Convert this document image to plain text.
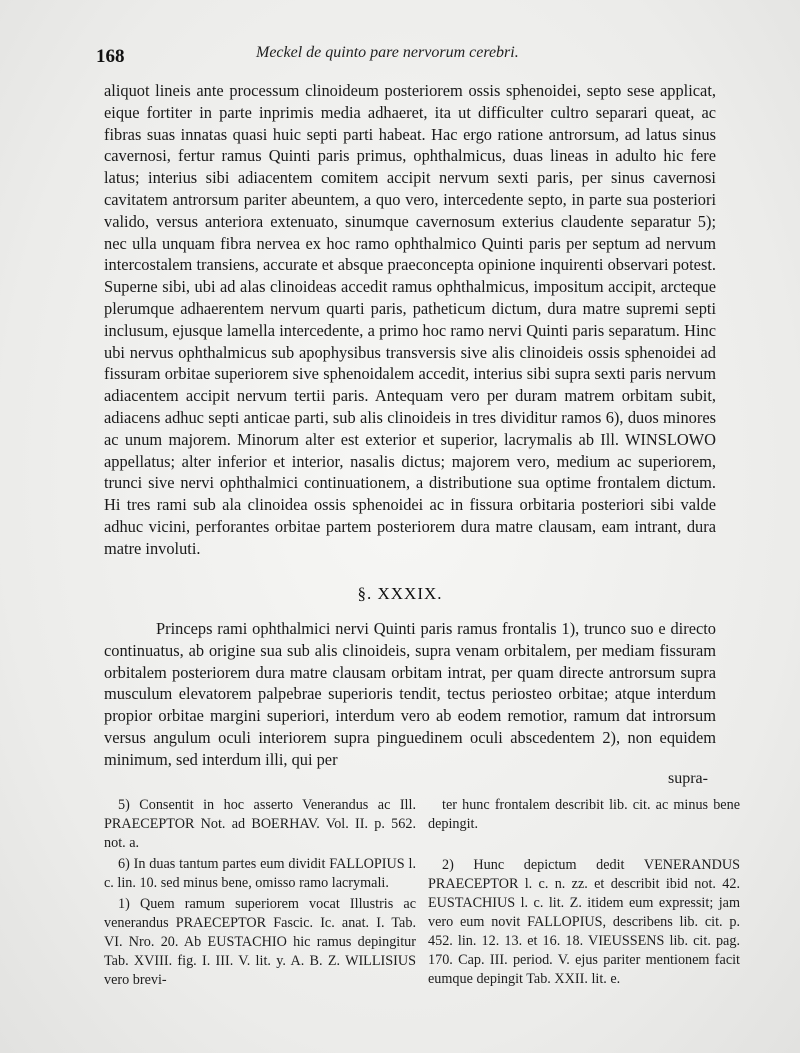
168	Meckel de quinto pare nervorum cerebri.
aliquot lineis ante processum clinoideum posteriorem ossis sphenoidei, septo sese applicat, eique fortiter in parte inprimis media adhaeret, ita ut difficulter cultro separari queat, ac fibras suas innatas quasi huic septi parti habeat. Hac ergo ratione antrorsum, ad latus sinus cavernosi, fertur ramus Quinti paris primus, ophthalmicus, duas lineas in adulto hic fere latus; interius sibi adiacentem comitem accipit nervum sexti paris, per sinus cavernosi cavitatem antrorsum pariter abeuntem, a quo vero, intercedente septo, in parte sua posteriori valido, versus anteriora extenuato, sinumque cavernosum exterius claudente separatur 5); nec ulla unquam fibra nervea ex hoc ramo ophthalmico Quinti paris per septum ad nervum intercostalem transiens, accurate et absque praeconcepta opinione inquirenti observari potest. Superne sibi, ubi ad alas clinoideas accedit ramus ophthalmicus, impositum accipit, arcteque plerumque adhaerentem nervum quarti paris, patheticum dictum, dura matre supremi septi inclusum, ejusque lamella intercedente, a primo hoc ramo nervi Quinti paris separatum. Hinc ubi nervus ophthalmicus sub apophysibus transversis sive alis clinoideis ossis sphenoidei ad fissuram orbitae superiorem sive sphenoidalem accedit, interius sibi supra sexti paris nervum adiacentem accipit nervum tertii paris. Antequam vero per duram matrem orbitam subit, adiacens adhuc septi anticae parti, sub alis clinoideis in tres dividitur ramos 6), duos minores ac unum majorem. Minorum alter est exterior et superior, lacrymalis ab Ill. WINSLOWO appellatus; alter inferior et interior, nasalis dictus; majorem vero, medium ac superiorem, trunci sive nervi ophthalmici continuationem, a distributione sua optime frontalem dictum. Hi tres rami sub ala clinoidea ossis sphenoidei ac in fissura orbitaria posteriori sibi valde adhuc vicini, perforantes orbitae partem posteriorem dura matre clausam, eam intrant, dura matre involuti.
§. XXXIX.
Princeps rami ophthalmici nervi Quinti paris ramus frontalis 1), trunco suo e directo continuatus, ab origine sua sub alis clinoideis, supra venam orbitalem, per mediam fissuram orbitalem posteriorem dura matre clausam orbitam intrat, per quam directe antrorsum supra musculum elevatorem palpebrae superioris tendit, tectus periosteo orbitae; atque interdum propior orbitae margini superiori, interdum vero ab eodem remotior, ramum dat introrsum versus angulum oculi interiorem supra pinguedinem oculi abscedentem 2), non equidem minimum, sed interdum illi, qui per
supra-

5) Consentit in hoc asserto Venerandus ac Ill. PRAECEPTOR Not. ad BOERHAV. Vol. II. p. 562. not. a.

6) In duas tantum partes eum dividit FALLOPIUS l. c. lin. 10. sed minus bene, omisso ramo lacrymali.

1) Quem ramum superiorem vocat Illustris ac venerandus PRAECEPTOR Fascic. Ic. anat. I. Tab. VI. Nro. 20. Ab EUSTACHIO hic ramus depingitur Tab. XVIII. fig. I. III. V. lit. y. A. B. Z. WILLISIUS vero brevi-

ter hunc frontalem describit lib. cit. ac minus bene depingit.

2) Hunc depictum dedit VENERANDUS PRAECEPTOR l. c. n. zz. et describit ibid not. 42. EUSTACHIUS l. c. lit. Z. itidem eum expressit; jam vero eum novit FALLOPIUS, describens lib. cit. p. 452. lin. 12. 13. et 16. 18. VIEUSSENS lib. cit. pag. 170. Cap. III. period. V. ejus pariter mentionem facit eumque depingit Tab. XXII. lit. e.
